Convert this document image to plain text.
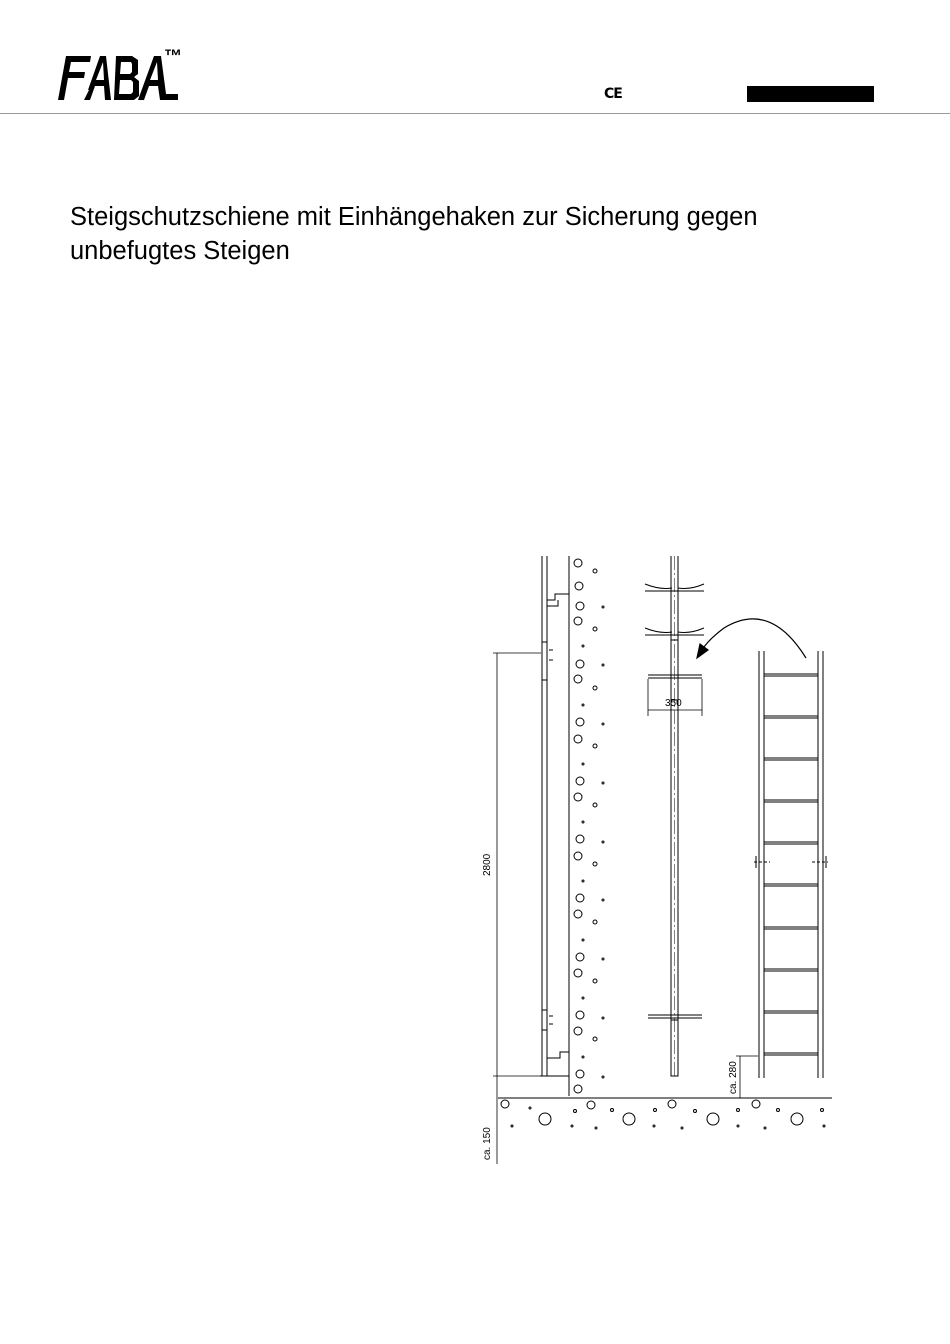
™
CE
Steigschutzschiene mit Einhängehaken zur Sicherung gegen
unbefugtes Steigen
2800
ca. 150
350
ca. 280
